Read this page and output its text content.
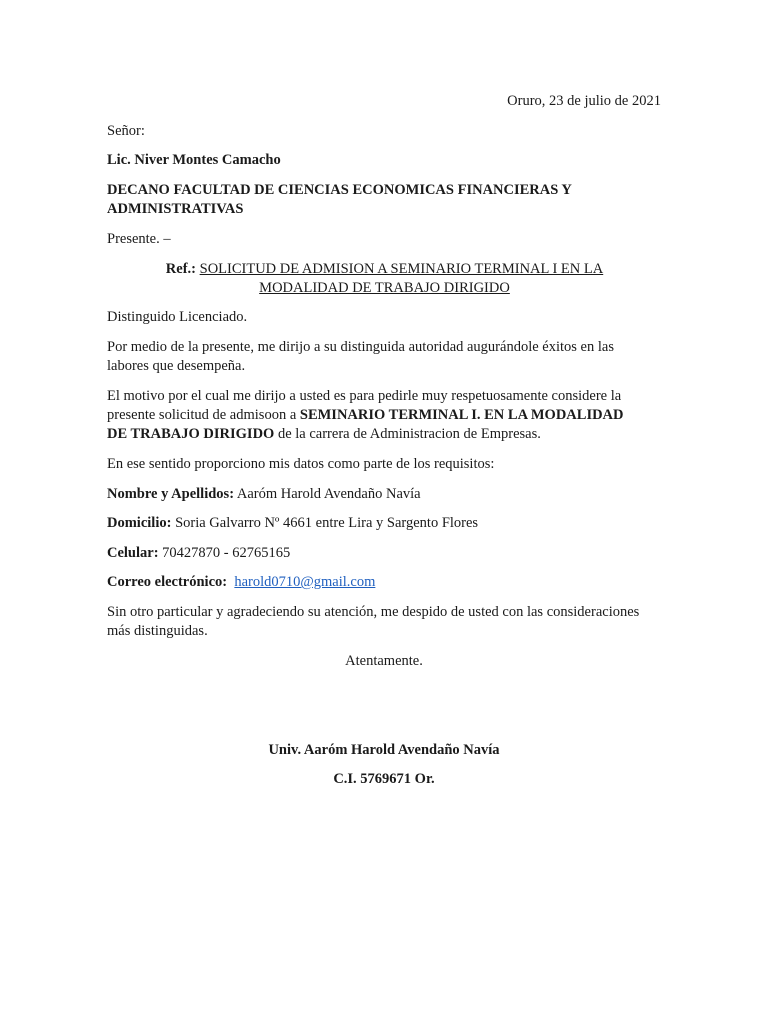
Oruro, 23 de julio de 2021
Señor:
Lic. Niver Montes Camacho
DECANO FACULTAD DE CIENCIAS ECONOMICAS FINANCIERAS Y
ADMINISTRATIVAS
Presente. –
Ref.: SOLICITUD DE ADMISION A SEMINARIO TERMINAL I EN LA
MODALIDAD DE TRABAJO DIRIGIDO
Distinguido Licenciado.
Por medio de la presente, me dirijo a su distinguida autoridad augurándole éxitos en las
labores que desempeña.
El motivo por el cual me dirijo a usted es para pedirle muy respetuosamente considere la
presente solicitud de admisoon a SEMINARIO TERMINAL I. EN LA MODALIDAD
DE TRABAJO DIRIGIDO de la carrera de Administracion de Empresas.
En ese sentido proporciono mis datos como parte de los requisitos:
Nombre y Apellidos: Aaróm Harold Avendaño Navía
Domicilio: Soria Galvarro Nº 4661 entre Lira y Sargento Flores
Celular: 70427870 - 62765165
Correo electrónico: harold0710@gmail.com
Sin otro particular y agradeciendo su atención, me despido de usted con las consideraciones
más distinguidas.
Atentamente.
Univ. Aaróm Harold Avendaño Navía
C.I. 5769671 Or.
